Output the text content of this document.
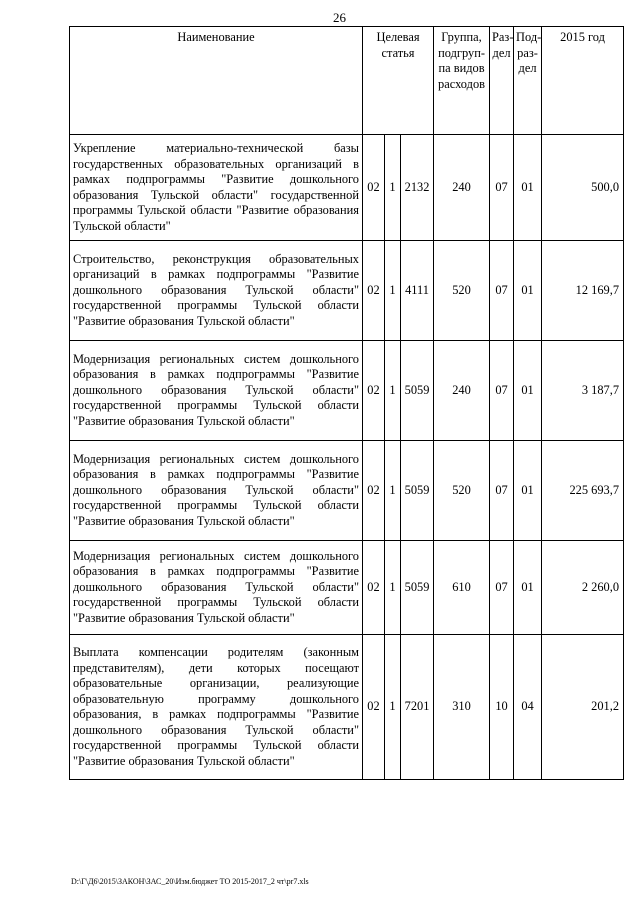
26
Наименование	Целевая статья			Группа, подгруп-па видов расходов	Раз-дел	Под-раз-дел	2015 год
Укрепление материально-технической базы государственных образовательных организаций в рамках подпрограммы "Развитие дошкольного образования Тульской области" государственной программы Тульской области "Развитие образования Тульской области"	02	1	2132	240	07	01	500,0
Строительство, реконструкция образовательных организаций в рамках подпрограммы "Развитие дошкольного образования Тульской области" государственной программы Тульской области "Развитие образования Тульской области"	02	1	4111	520	07	01	12 169,7
Модернизация региональных систем дошкольного образования в рамках подпрограммы "Развитие дошкольного образования Тульской области" государственной программы Тульской области "Развитие образования Тульской области"	02	1	5059	240	07	01	3 187,7
Модернизация региональных систем дошкольного образования в рамках подпрограммы "Развитие дошкольного образования Тульской области" государственной программы Тульской области "Развитие образования Тульской области"	02	1	5059	520	07	01	225 693,7
Модернизация региональных систем дошкольного образования в рамках подпрограммы "Развитие дошкольного образования Тульской области" государственной программы Тульской области "Развитие образования Тульской области"	02	1	5059	610	07	01	2 260,0
Выплата компенсации родителям (законным представителям), дети которых посещают образовательные организации, реализующие образовательную программу дошкольного образования, в рамках подпрограммы "Развитие дошкольного образования Тульской области" государственной программы Тульской области "Развитие образования Тульской области"	02	1	7201	310	10	04	201,2
D:\Г\Д6\2015\ЗАКОН\ЗАС_20\Изм.бюджет ТО 2015-2017_2 чт\pr7.xls
